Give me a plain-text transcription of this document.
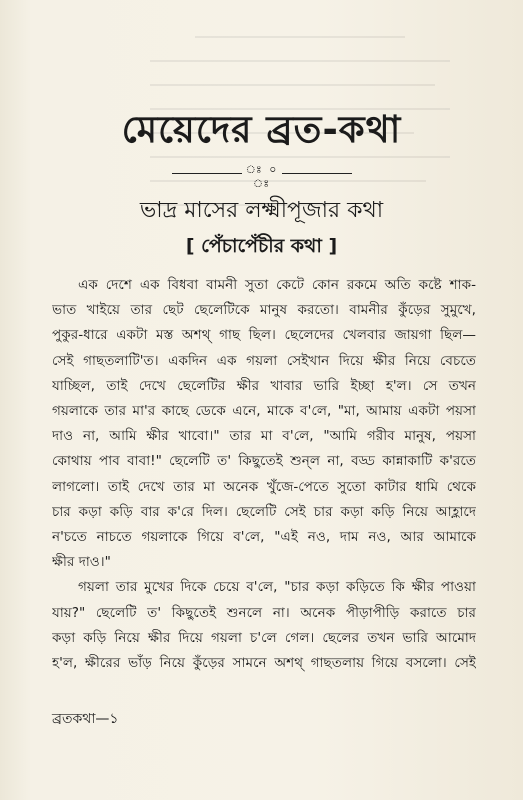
মেয়েদের ব্রত-কথা
ঃ ০ ঃ
ভাদ্র মাসের লক্ষ্মীপূজার কথা
[ পেঁচাপেঁচীর কথা ]
এক দেশে এক বিধবা বামনী সুতা কেটে কোন রকমে অতি কষ্টে শাক-
ভাত খাইয়ে তার ছেট ছেলেটিকে মানুষ করতো। বামনীর কুঁড়ের সুমুখে,
পুকুর-ধারে একটা মস্ত অশথ্ গাছ ছিল। ছেলেদের খেলবার জায়গা ছিল—
সেই গাছতলাটি'ত। একদিন এক গয়লা সেইখান দিয়ে ক্ষীর নিয়ে বেচতে
যাচ্ছিল, তাই দেখে ছেলেটির ক্ষীর খাবার ভারি ইচ্ছা হ'ল। সে তখন
গয়লাকে তার মা'র কাছে ডেকে এনে, মাকে ব'লে, "মা, আমায় একটা পয়সা
দাও না, আমি ক্ষীর খাবো।" তার মা ব'লে, "আমি গরীব মানুষ, পয়সা
কোথায় পাব বাবা!" ছেলেটি ত' কিছুতেই শুন্‌ল না, বড্ড কান্নাকাটি ক'রতে
লাগলো। তাই দেখে তার মা অনেক খুঁজে-পেতে সুতো কাটার ধামি থেকে
চার কড়া কড়ি বার ক'রে দিল। ছেলেটি সেই চার কড়া কড়ি নিয়ে আহ্লাদে
ন'চতে নাচতে গয়লাকে গিয়ে ব'লে, "এই নও, দাম নও, আর আমাকে
ক্ষীর দাও।"
গয়লা তার মুখের দিকে চেয়ে ব'লে, "চার কড়া কড়িতে কি ক্ষীর পাওয়া
যায়?" ছেলেটি ত' কিছুতেই শুনলে না। অনেক পীড়াপীড়ি করাতে চার
কড়া কড়ি নিয়ে ক্ষীর দিয়ে গয়লা চ'লে গেল। ছেলের তখন ভারি আমোদ
হ'ল, ক্ষীরের ভাঁড় নিয়ে কুঁড়ের সামনে অশথ্ গাছতলায় গিয়ে বসলো। সেই
ব্রতকথা—১
